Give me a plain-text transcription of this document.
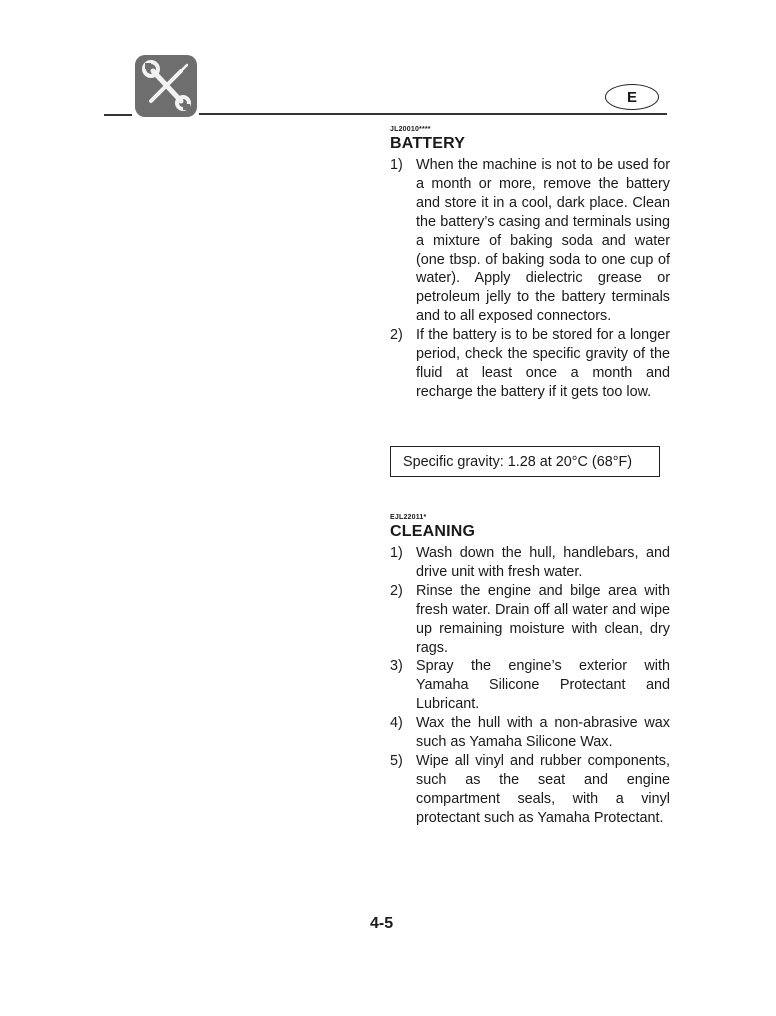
E
JL20010****
BATTERY
1) When the machine is not to be used for a month or more, remove the battery and store it in a cool, dark place. Clean the battery’s casing and terminals using a mixture of baking soda and water (one tbsp. of baking soda to one cup of water). Apply dielectric grease or petroleum jelly to the battery terminals and to all exposed connectors.
2) If the battery is to be stored for a longer period, check the specific gravity of the fluid at least once a month and recharge the battery if it gets too low.
Specific gravity: 1.28 at 20°C (68°F)
EJL22011*
CLEANING
1) Wash down the hull, handlebars, and drive unit with fresh water.
2) Rinse the engine and bilge area with fresh water. Drain off all water and wipe up remaining moisture with clean, dry rags.
3) Spray the engine’s exterior with Yamaha Silicone Protectant and Lubricant.
4) Wax the hull with a non-abrasive wax such as Yamaha Silicone Wax.
5) Wipe all vinyl and rubber components, such as the seat and engine compartment seals, with a vinyl protectant such as Yamaha Protectant.
4-5
